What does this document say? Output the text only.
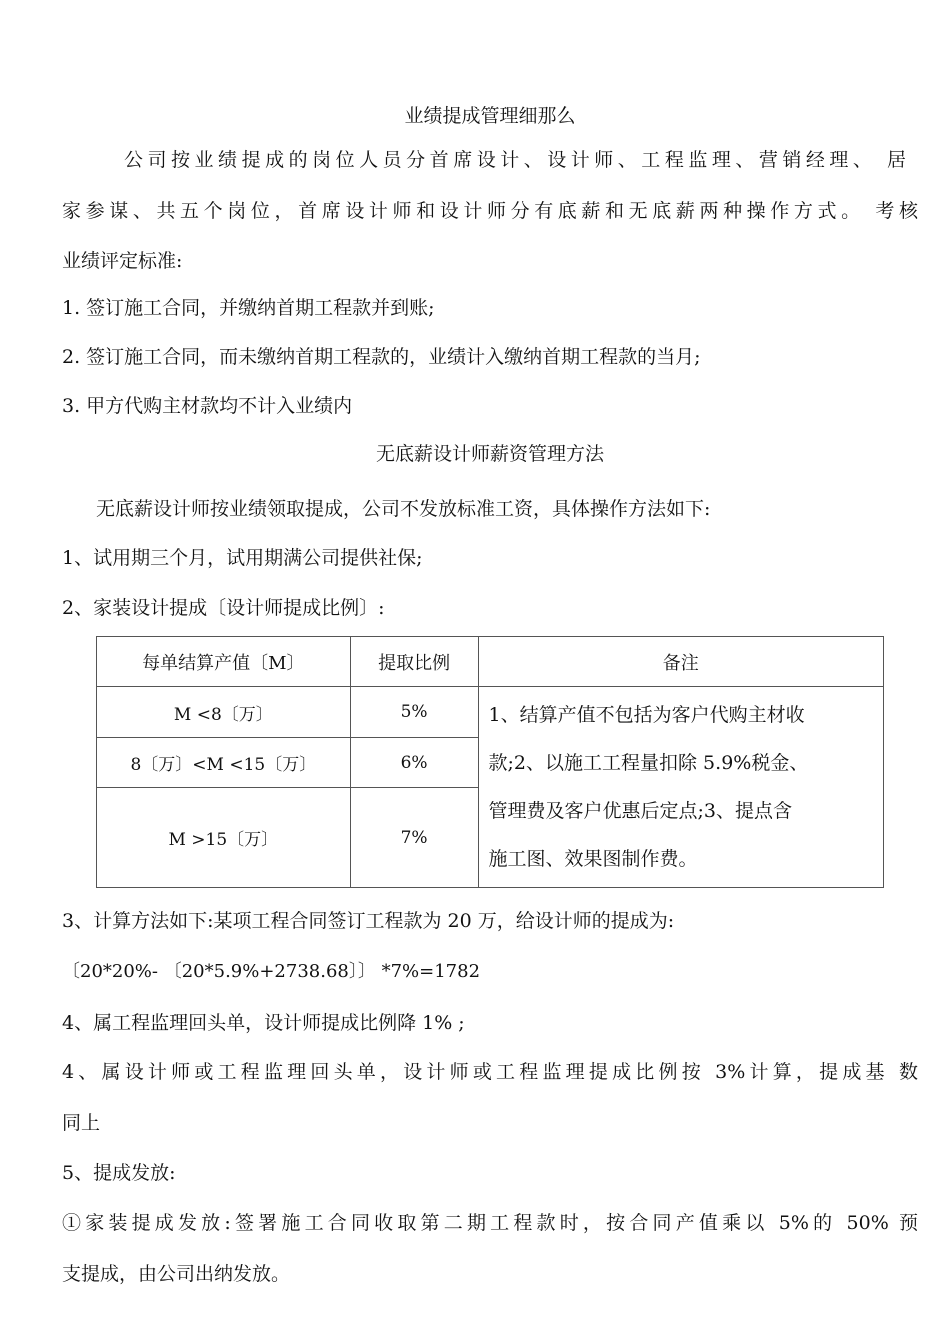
业绩提成管理细那么

公司按业绩提成的岗位人员分首席设计、设计师、工程监理、营销经理、 居

家参谋、共五个岗位，首席设计师和设计师分有底薪和无底薪两种操作方式。 考核

业绩评定标准:

1. 签订施工合同，并缴纳首期工程款并到账;

2. 签订施工合同，而未缴纳首期工程款的，业绩计入缴纳首期工程款的当月;

3. 甲方代购主材款均不计入业绩内

无底薪设计师薪资管理方法

无底薪设计师按业绩领取提成，公司不发放标准工资，具体操作方法如下:

1、试用期三个月，试用期满公司提供社保;

2、家装设计提成〔设计师提成比例〕:

每单结算产值〔M〕	提取比例	备注
M <8〔万〕	5%	1、结算产值不包括为客户代购主材收
款;2、以施工工程量扣除 5.9%税金、
管理费及客户优惠后定点;3、提点含
施工图、效果图制作费。

8〔万〕<M <15〔万〕	6%	
M >15〔万〕	7%	

3、计算方法如下:某项工程合同签订工程款为 20 万，给设计师的提成为:

〔20*20%- 〔20*5.9%+2738.68〕〕 *7%=1782

4、属工程监理回头单，设计师提成比例降 1% ;

4、属设计师或工程监理回头单，设计师或工程监理提成比例按 3%计算，提成基 数

同上

5、提成发放:

①家装提成发放:签署施工合同收取第二期工程款时，按合同产值乘以 5%的 50% 预

支提成，由公司出纳发放。
